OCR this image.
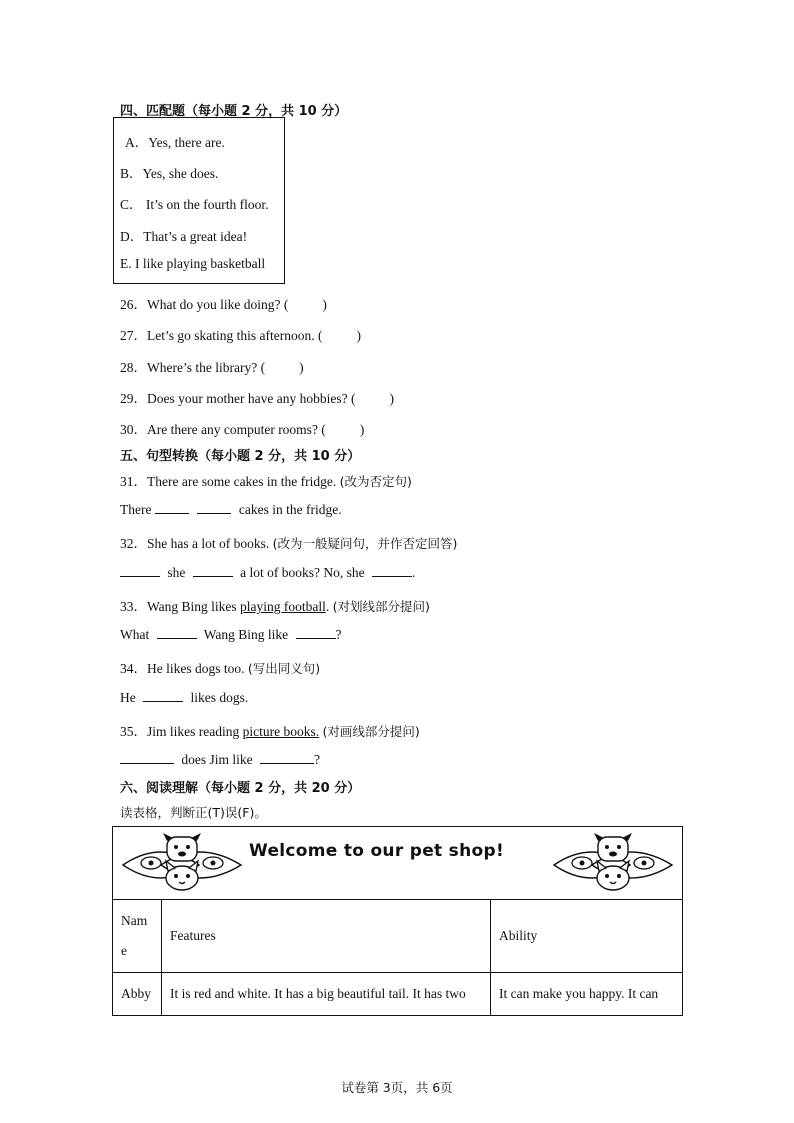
四、匹配题（每小题 2 分，共 10 分）
A．Yes, there are.
B．Yes, she does.
C． It’s on the fourth floor.
D．That’s a great idea!
E. I like playing basketball
26．What do you like doing? (	)
27．Let’s go skating this afternoon. (	)
28．Where’s the library? (	)
29．Does your mother have any hobbies? (	)
30．Are there any computer rooms? (	)
五、句型转换（每小题 2 分，共 10 分）
31．There are some cakes in the fridge. (改为否定句)
There	cakes in the fridge.
32．She has a lot of books. (改为一般疑问句，并作否定回答)
she	a lot of books? No, she	.
33．Wang Bing likes playing football. (对划线部分提问)
What	Wang Bing like	?
34．He likes dogs too. (写出同义句)
He	likes dogs.
35．Jim likes reading picture books. (对画线部分提问)
does Jim like	?
六、阅读理解（每小题 2 分，共 20 分）
读表格，判断正(T)误(F)。
Welcome to our pet shop!		

Nam
e	Features	Ability
Abby	It is red and white. It has a big beautiful tail. It has two	It can make you happy. It can
试卷第 3页，共 6页
